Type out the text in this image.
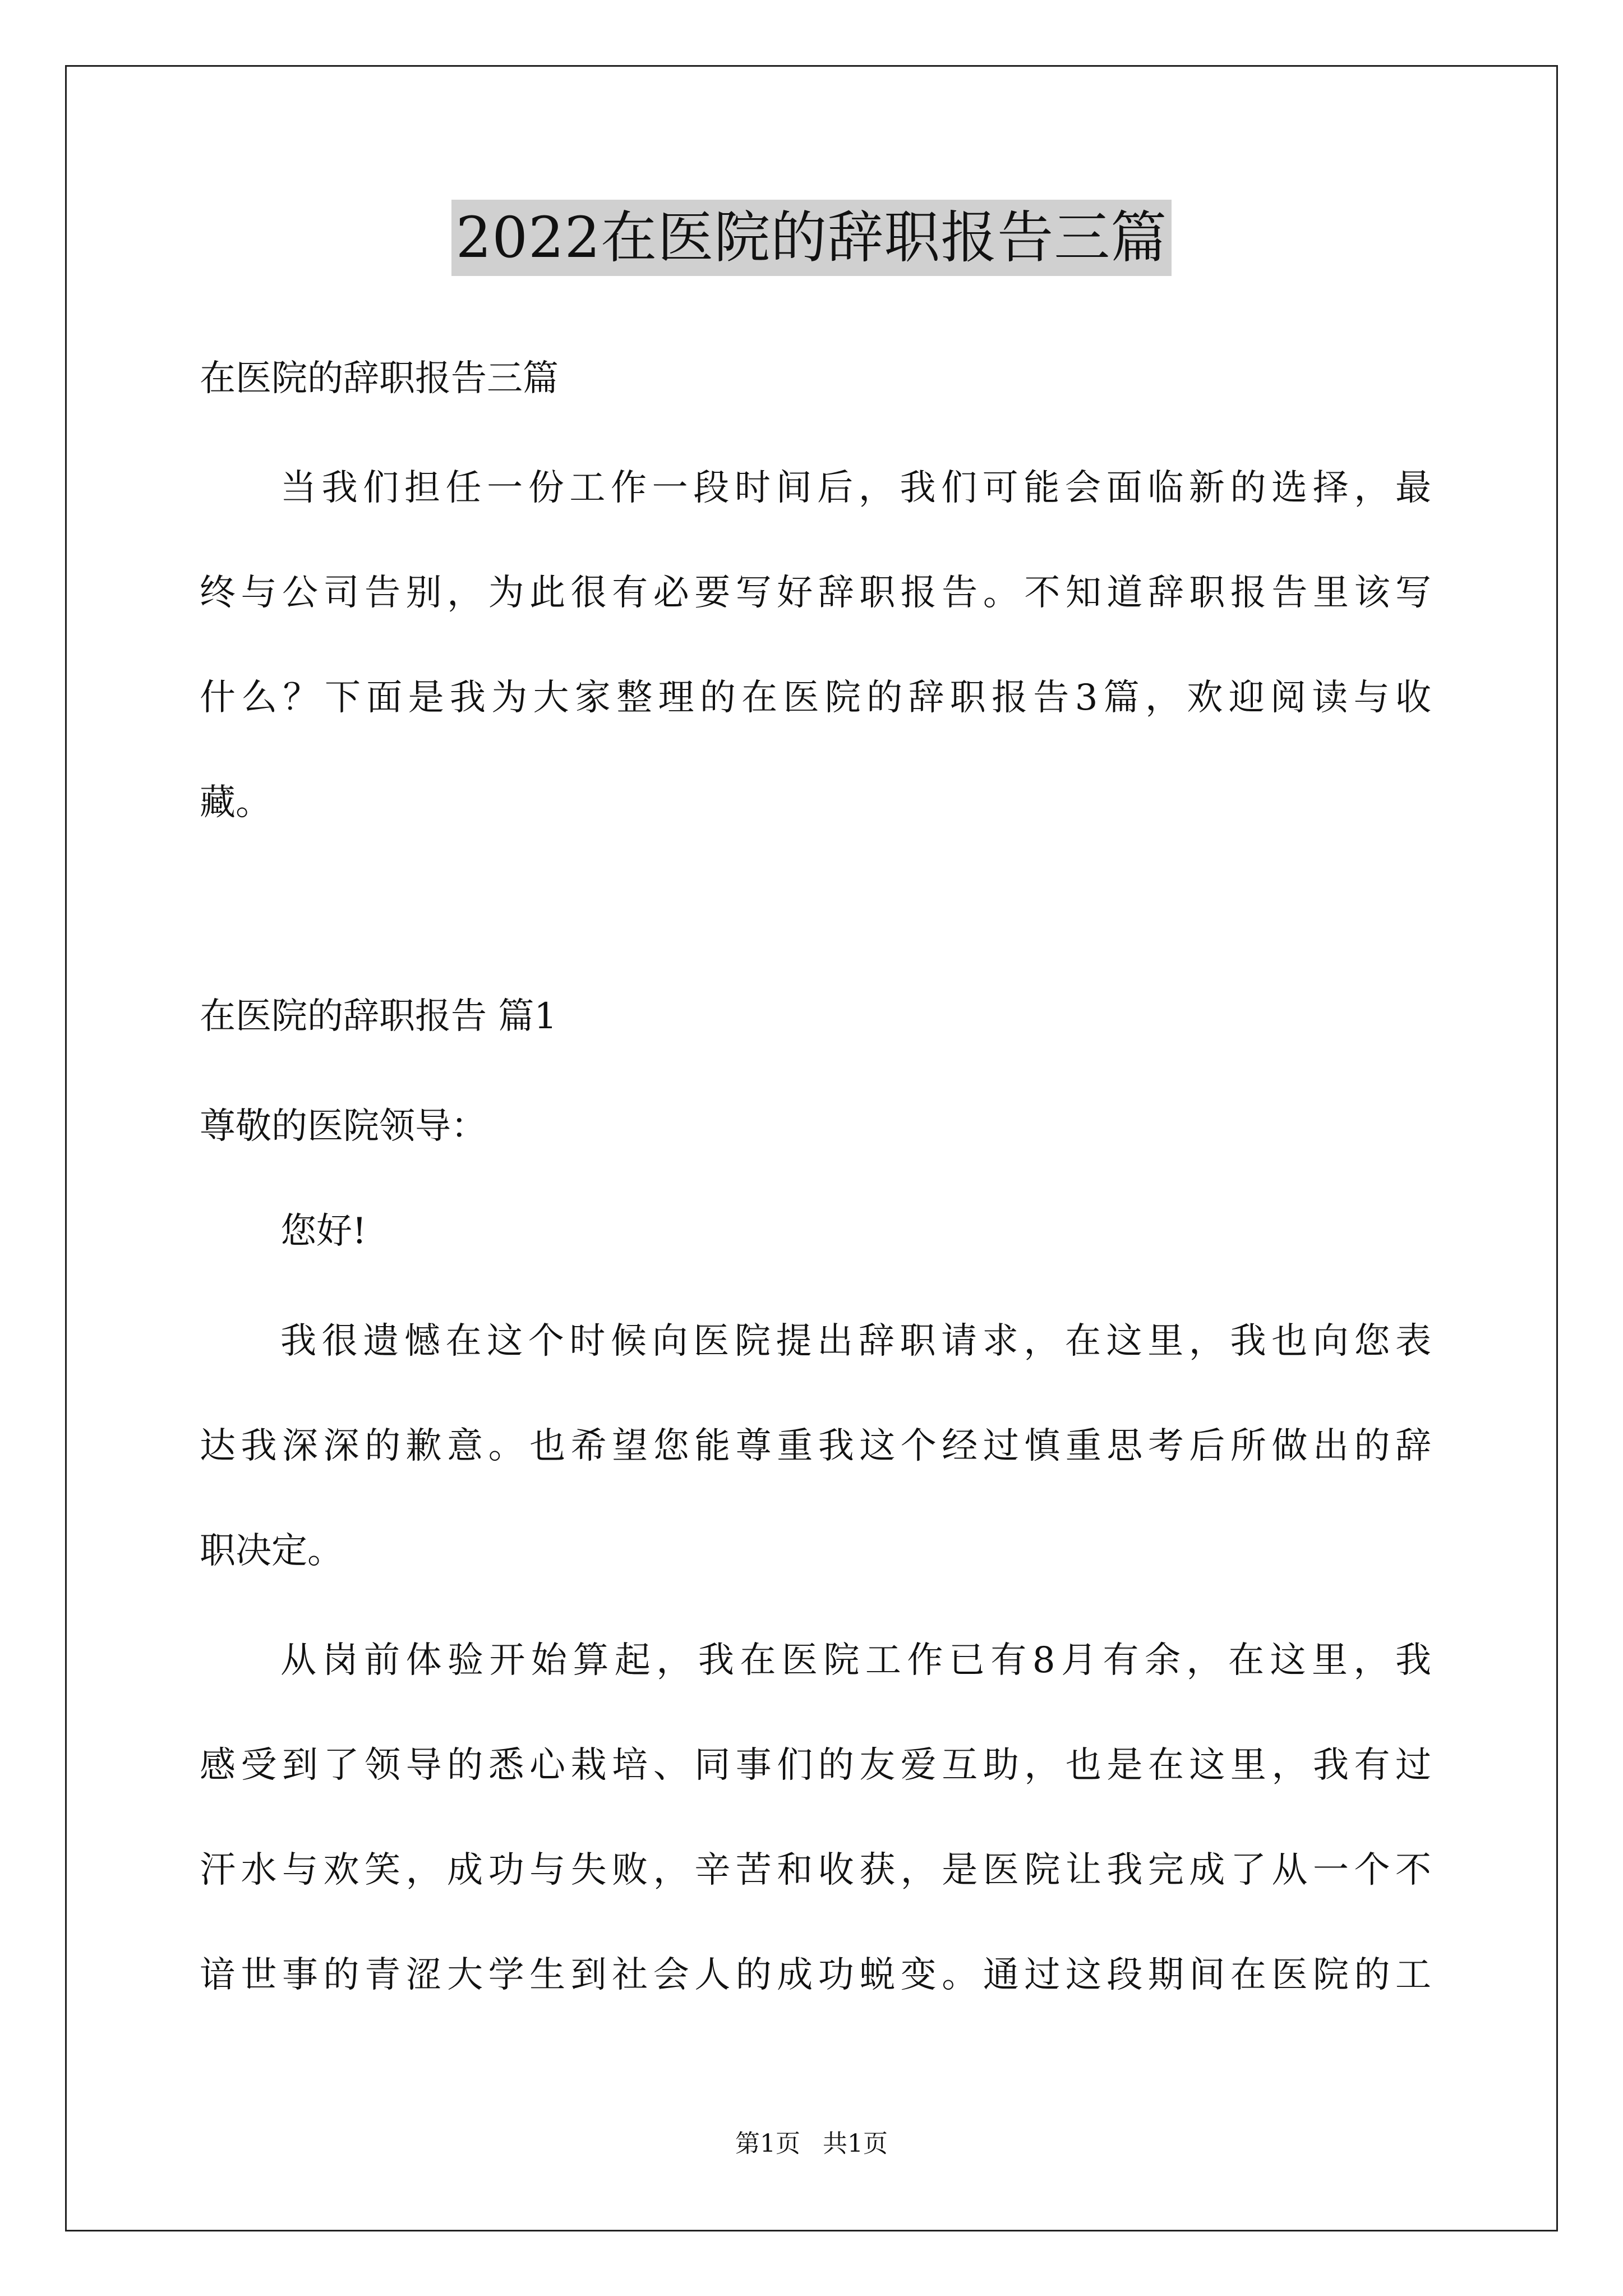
2022在医院的辞职报告三篇
在医院的辞职报告三篇
当我们担任一份工作一段时间后，我们可能会面临新的选择，最
终与公司告别，为此很有必要写好辞职报告。不知道辞职报告里该写
什么？下面是我为大家整理的在医院的辞职报告3篇，欢迎阅读与收
藏。
在医院的辞职报告 篇1
尊敬的医院领导：
您好!
我很遗憾在这个时候向医院提出辞职请求，在这里，我也向您表
达我深深的歉意。也希望您能尊重我这个经过慎重思考后所做出的辞
职决定。
从岗前体验开始算起，我在医院工作已有8月有余，在这里，我
感受到了领导的悉心栽培、同事们的友爱互助，也是在这里，我有过
汗水与欢笑，成功与失败，辛苦和收获，是医院让我完成了从一个不
谙世事的青涩大学生到社会人的成功蜕变。通过这段期间在医院的工
第1页 共1页
